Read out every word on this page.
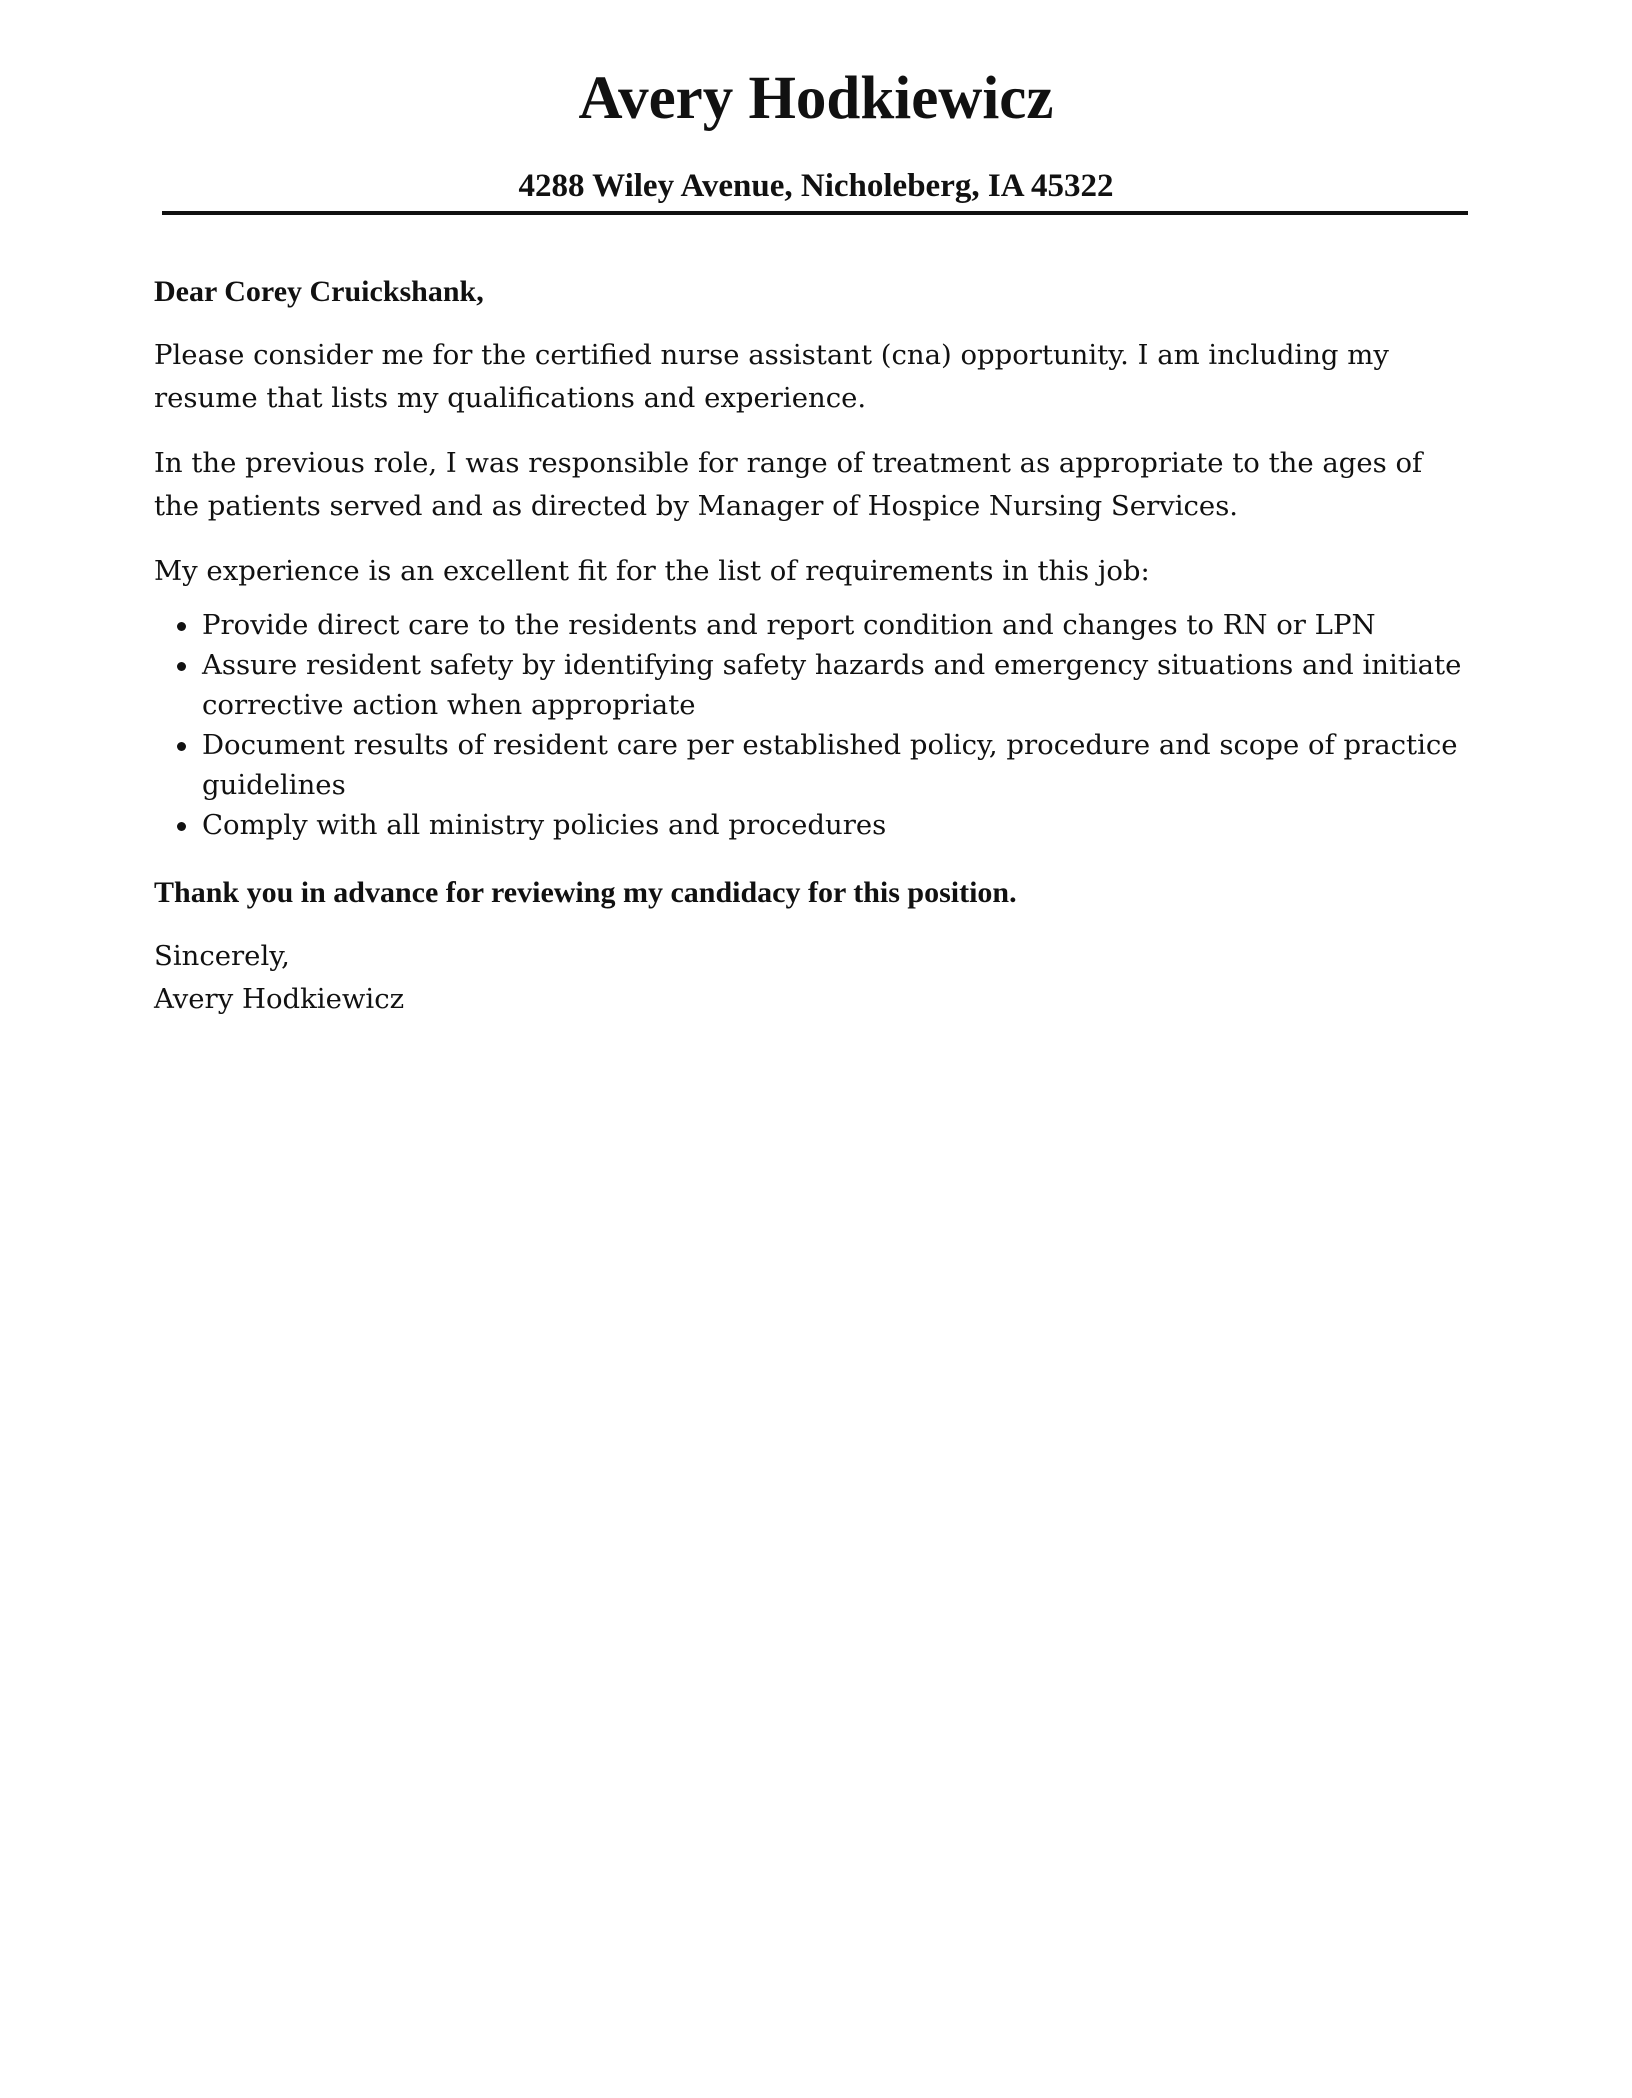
Avery Hodkiewicz

4288 Wiley Avenue, Nicholeberg, IA 45322

Dear Corey Cruickshank,

Please consider me for the certified nurse assistant (cna) opportunity. I am including my resume that lists my qualifications and experience.

In the previous role, I was responsible for range of treatment as appropriate to the ages of the patients served and as directed by Manager of Hospice Nursing Services.

My experience is an excellent fit for the list of requirements in this job:

Provide direct care to the residents and report condition and changes to RN or LPN
Assure resident safety by identifying safety hazards and emergency situations and initiate corrective action when appropriate
Document results of resident care per established policy, procedure and scope of practice guidelines
Comply with all ministry policies and procedures

Thank you in advance for reviewing my candidacy for this position.

Sincerely,
Avery Hodkiewicz
